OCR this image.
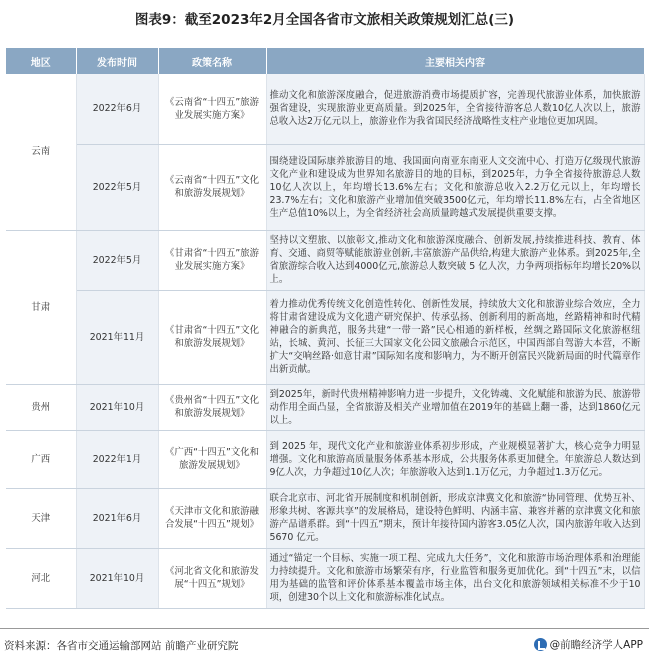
图表9：截至2023年2月全国各省市文旅相关政策规划汇总(三)
地区	发布时间	政策名称	主要相关内容
云南	2022年6月	《云南省“十四五”旅游业发展实施方案》	推动文化和旅游深度融合，促进旅游消费市场提质扩容，完善现代旅游业体系，加快旅游强省建设，实现旅游业更高质量。到2025年，全省接待游客总人数10亿人次以上，旅游总收入达2万亿元以上，旅游业作为我省国民经济战略性支柱产业地位更加巩固。
	2022年5月	《云南省“十四五”文化和旅游发展规划》	围绕建设国际康养旅游目的地、我国面向南亚东南亚人文交流中心、打造万亿级现代旅游文化产业和建设成为世界知名旅游目的地的目标，到2025年，力争全省接待旅游总人数10亿人次以上，年均增长13.6%左右；文化和旅游总收入2.2万亿元以上，年均增长23.7%左右；文化和旅游产业增加值突破3500亿元，年均增长11.8%左右，占全省地区生产总值10%以上，为全省经济社会高质量跨越式发展提供重要支撑。
甘肃	2022年5月	《甘肃省“十四五”旅游业发展实施方案》	坚持以文塑旅、以旅彰文,推动文化和旅游深度融合、创新发展,持续推进科技、教育、体育、交通、商贸等赋能旅游业创新,丰富旅游产品供给,构建大旅游产业体系。到2025年,全省旅游综合收入达到4000亿元,旅游总人数突破 5 亿人次，力争两项指标年均增长20%以上。
	2021年11月	《甘肃省“十四五”文化和旅游发展规划》	着力推动优秀传统文化创造性转化、创新性发展，持续放大文化和旅游业综合效应，全力将甘肃省建设成为文化遗产研究保护、传承弘扬、创新利用的新高地，丝路精神和时代精神融合的新典范，服务共建“一带一路”民心相通的新样板，丝绸之路国际文化旅游枢纽站，长城、黄河、长征三大国家文化公园文旅融合示范区，中国西部自驾游大本营，不断扩大“交响丝路·如意甘肃”国际知名度和影响力，为不断开创富民兴陇新局面的时代篇章作出新贡献。
贵州	2021年10月	《贵州省“十四五”文化和旅游发展规划》	到2025年，新时代贵州精神影响力进一步提升，文化铸魂、文化赋能和旅游为民、旅游带动作用全面凸显，全省旅游及相关产业增加值在2019年的基础上翻一番，达到1860亿元以上。
广西	2022年1月	《广西“十四五”文化和旅游发展规划》	到 2025 年，现代文化产业和旅游业体系初步形成，产业规模显著扩大，核心竞争力明显增强。文化和旅游高质量服务体系基本形成，公共服务体系更加健全。年旅游总人数达到9亿人次，力争超过10亿人次；年旅游收入达到1.1万亿元，力争超过1.3万亿元。
天津	2021年6月	《天津市文化和旅游融合发展“十四五”规划》	联合北京市、河北省开展制度和机制创新，形成京津冀文化和旅游“协同管理、优势互补、形象共树、客源共享”的发展格局，建设特色鲜明、内涵丰富、兼容并蓄的京津冀文化和旅游产品谱系群。到“十四五”期末，预计年接待国内游客3.05亿人次，国内旅游年收入达到 5670 亿元。
河北	2021年10月	《河北省文化和旅游发展“十四五”规划》	通过“锚定一个目标、实施一项工程、完成九大任务”，文化和旅游市场治理体系和治理能力持续提升。文化和旅游市场繁荣有序，行业监管和服务更加优化。到“十四五”末，以信用为基础的监管和评价体系基本覆盖市场主体，出台文化和旅游领域相关标准不少于10项，创建30个以上文化和旅游标准化试点。
资料来源：各省市交通运输部网站 前瞻产业研究院	@前瞻经济学人APP
